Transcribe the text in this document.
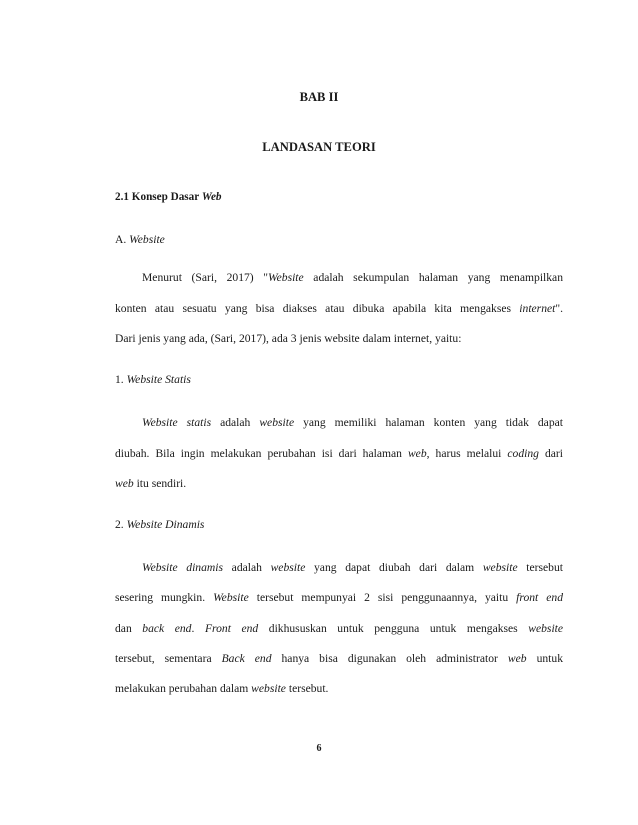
BAB II

LANDASAN TEORI

2.1 Konsep Dasar Web

A. Website

Menurut (Sari, 2017) "Website adalah sekumpulan halaman yang menampilkan

konten atau sesuatu yang bisa diakses atau dibuka apabila kita mengakses internet".

Dari jenis yang ada, (Sari, 2017), ada 3 jenis website dalam internet, yaitu:

1. Website Statis

Website statis adalah website yang memiliki halaman konten yang tidak dapat

diubah. Bila ingin melakukan perubahan isi dari halaman web, harus melalui coding dari

web itu sendiri.

2. Website Dinamis

Website dinamis adalah website yang dapat diubah dari dalam website tersebut

sesering mungkin. Website tersebut mempunyai 2 sisi penggunaannya, yaitu front end

dan back end. Front end dikhususkan untuk pengguna untuk mengakses website

tersebut, sementara Back end hanya bisa digunakan oleh administrator web untuk

melakukan perubahan dalam website tersebut.

6
